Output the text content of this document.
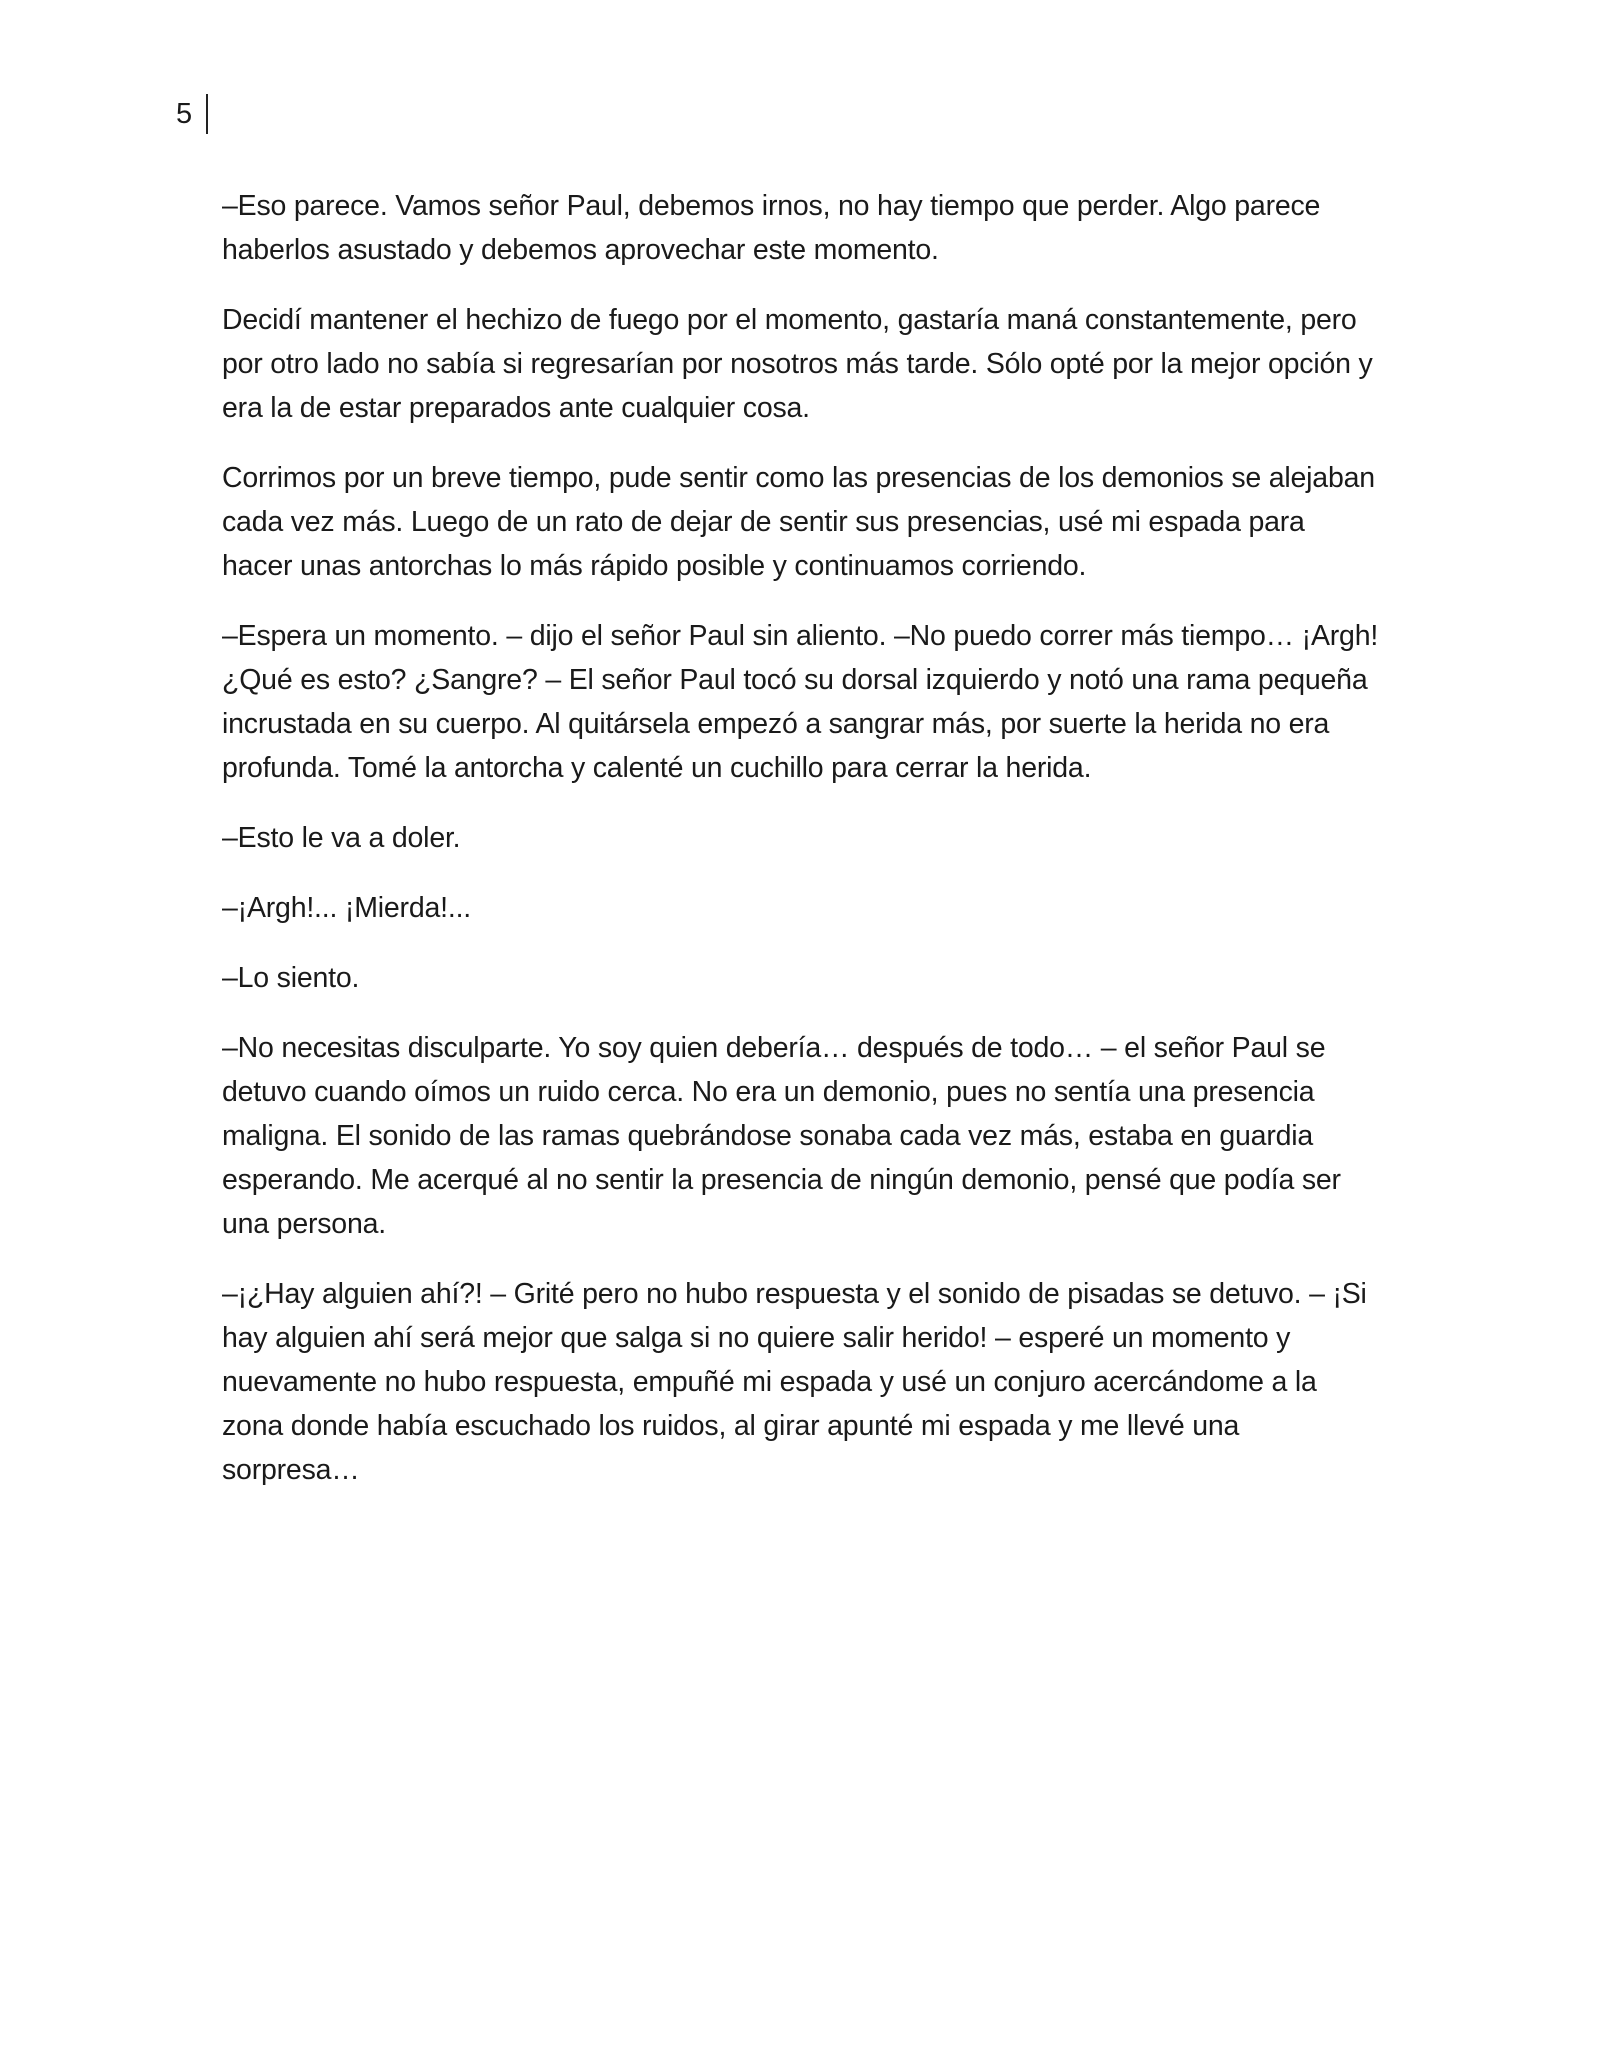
5

–Eso parece. Vamos señor Paul, debemos irnos, no hay tiempo que perder. Algo parece haberlos asustado y debemos aprovechar este momento.

Decidí mantener el hechizo de fuego por el momento, gastaría maná constantemente, pero por otro lado no sabía si regresarían por nosotros más tarde. Sólo opté por la mejor opción y era la de estar preparados ante cualquier cosa.

Corrimos por un breve tiempo, pude sentir como las presencias de los demonios se alejaban cada vez más. Luego de un rato de dejar de sentir sus presencias, usé mi espada para hacer unas antorchas lo más rápido posible y continuamos corriendo.

–Espera un momento. – dijo el señor Paul sin aliento. –No puedo correr más tiempo… ¡Argh! ¿Qué es esto? ¿Sangre? – El señor Paul tocó su dorsal izquierdo y notó una rama pequeña incrustada en su cuerpo. Al quitársela empezó a sangrar más, por suerte la herida no era profunda. Tomé la antorcha y calenté un cuchillo para cerrar la herida.

–Esto le va a doler.

–¡Argh!... ¡Mierda!...

–Lo siento.

–No necesitas disculparte. Yo soy quien debería… después de todo… – el señor Paul se detuvo cuando oímos un ruido cerca. No era un demonio, pues no sentía una presencia maligna. El sonido de las ramas quebrándose sonaba cada vez más, estaba en guardia esperando. Me acerqué al no sentir la presencia de ningún demonio, pensé que podía ser una persona.

–¡¿Hay alguien ahí?! – Grité pero no hubo respuesta y el sonido de pisadas se detuvo. – ¡Si hay alguien ahí será mejor que salga si no quiere salir herido! – esperé un momento y nuevamente no hubo respuesta, empuñé mi espada y usé un conjuro acercándome a la zona donde había escuchado los ruidos, al girar apunté mi espada y me llevé una sorpresa…
